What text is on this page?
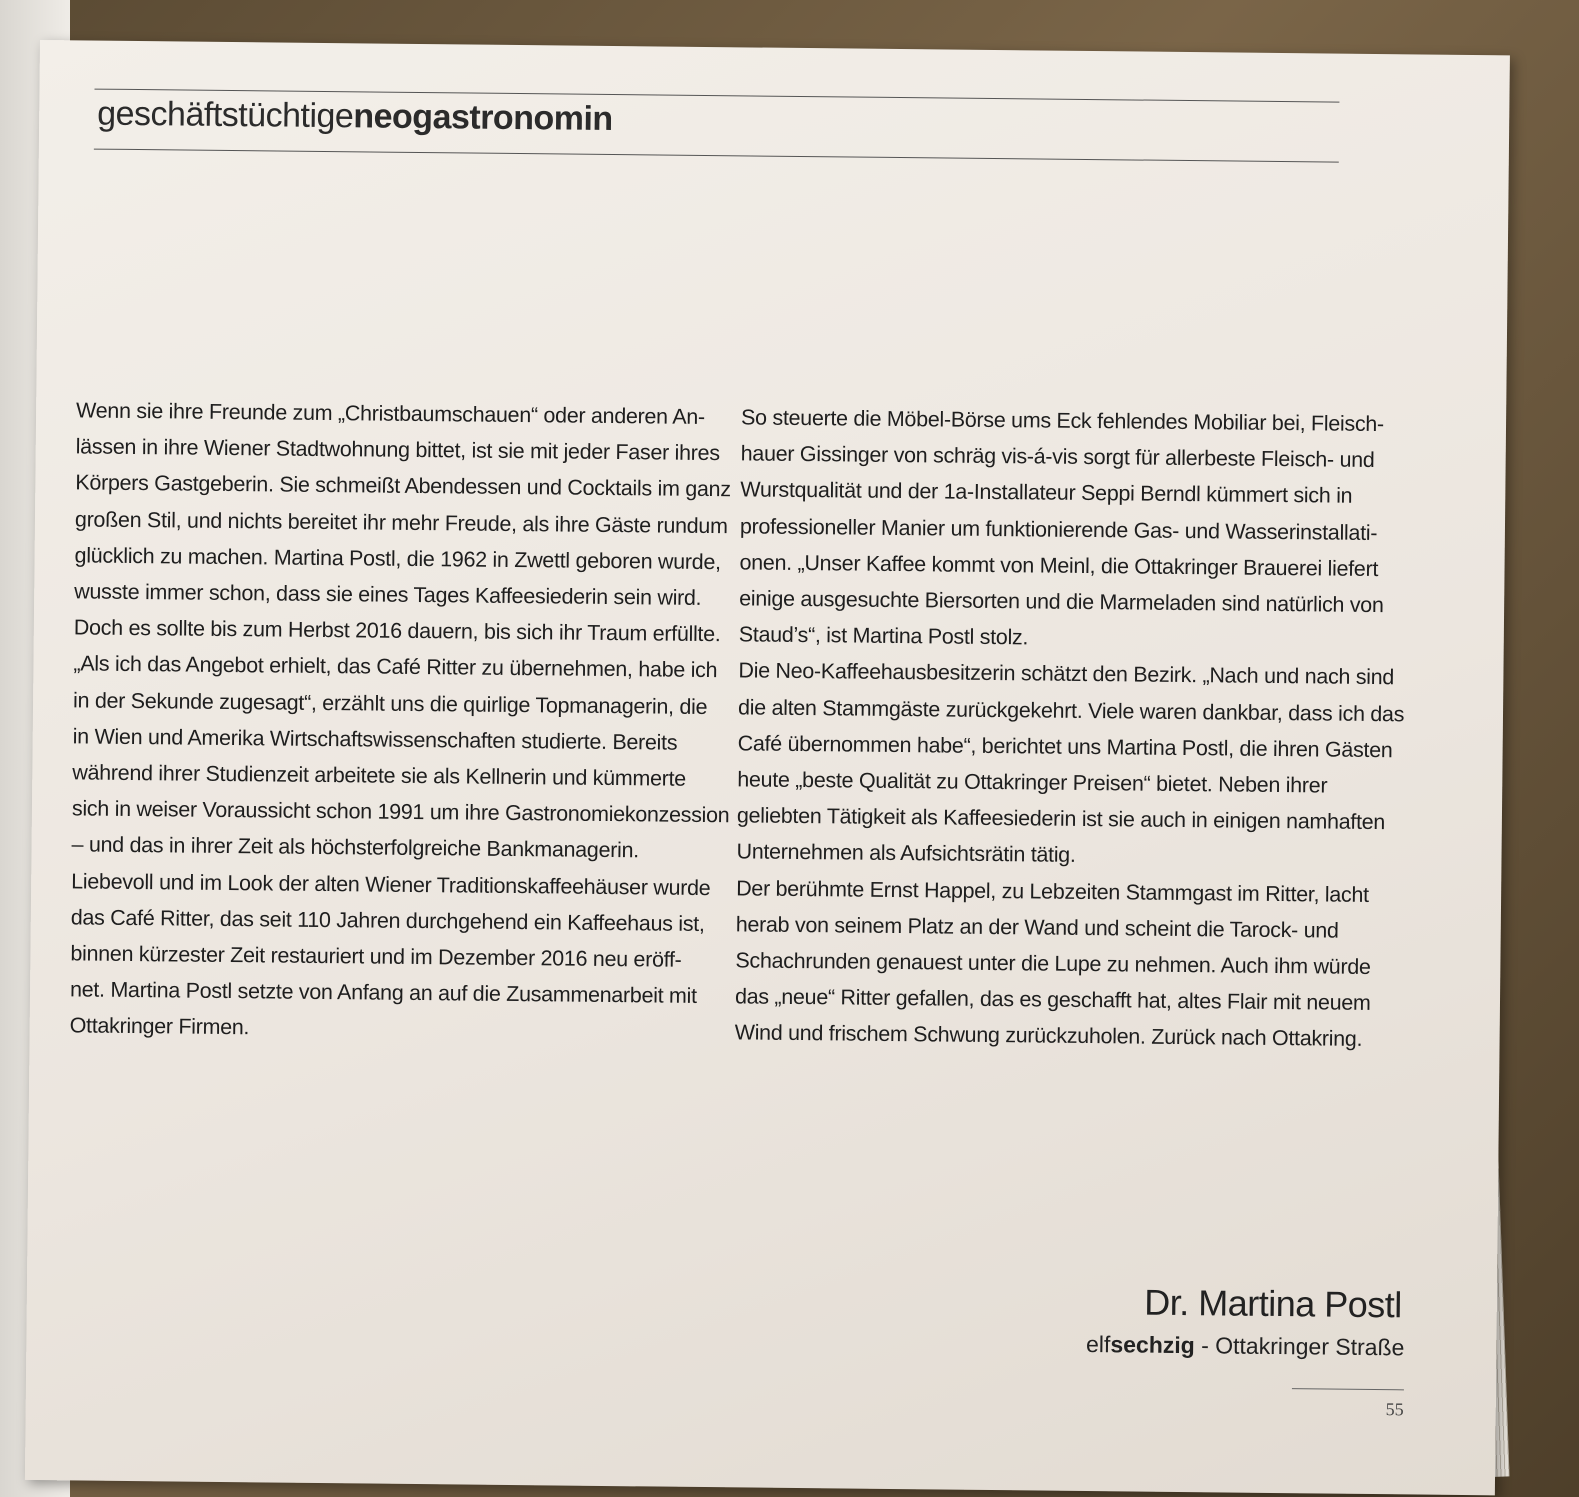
geschäftstüchtigeneogastronomin
Wenn sie ihre Freunde zum „Christbaumschauen“ oder anderen An-
lässen in ihre Wiener Stadtwohnung bittet, ist sie mit jeder Faser ihres
Körpers Gastgeberin. Sie schmeißt Abendessen und Cocktails im ganz
großen Stil, und nichts bereitet ihr mehr Freude, als ihre Gäste rundum
glücklich zu machen. Martina Postl, die 1962 in Zwettl geboren wurde,
wusste immer schon, dass sie eines Tages Kaffeesiederin sein wird.
Doch es sollte bis zum Herbst 2016 dauern, bis sich ihr Traum erfüllte.
„Als ich das Angebot erhielt, das Café Ritter zu übernehmen, habe ich
in der Sekunde zugesagt“, erzählt uns die quirlige Topmanagerin, die
in Wien und Amerika Wirtschaftswissenschaften studierte. Bereits
während ihrer Studienzeit arbeitete sie als Kellnerin und kümmerte
sich in weiser Voraussicht schon 1991 um ihre Gastronomiekonzession
– und das in ihrer Zeit als höchsterfolgreiche Bankmanagerin.
Liebevoll und im Look der alten Wiener Traditionskaffeehäuser wurde
das Café Ritter, das seit 110 Jahren durchgehend ein Kaffeehaus ist,
binnen kürzester Zeit restauriert und im Dezember 2016 neu eröff-
net. Martina Postl setzte von Anfang an auf die Zusammenarbeit mit
Ottakringer Firmen.
So steuerte die Möbel-Börse ums Eck fehlendes Mobiliar bei, Fleisch-
hauer Gissinger von schräg vis-á-vis sorgt für allerbeste Fleisch- und
Wurstqualität und der 1a-Installateur Seppi Berndl kümmert sich in
professioneller Manier um funktionierende Gas- und Wasserinstallati-
onen. „Unser Kaffee kommt von Meinl, die Ottakringer Brauerei liefert
einige ausgesuchte Biersorten und die Marmeladen sind natürlich von
Staud’s“, ist Martina Postl stolz.
Die Neo-Kaffeehausbesitzerin schätzt den Bezirk. „Nach und nach sind
die alten Stammgäste zurückgekehrt. Viele waren dankbar, dass ich das
Café übernommen habe“, berichtet uns Martina Postl, die ihren Gästen
heute „beste Qualität zu Ottakringer Preisen“ bietet. Neben ihrer
geliebten Tätigkeit als Kaffeesiederin ist sie auch in einigen namhaften
Unternehmen als Aufsichtsrätin tätig.
Der berühmte Ernst Happel, zu Lebzeiten Stammgast im Ritter, lacht
herab von seinem Platz an der Wand und scheint die Tarock- und
Schachrunden genauest unter die Lupe zu nehmen. Auch ihm würde
das „neue“ Ritter gefallen, das es geschafft hat, altes Flair mit neuem
Wind und frischem Schwung zurückzuholen. Zurück nach Ottakring.
Dr. Martina Postl
elfsechzig - Ottakringer Straße
55
